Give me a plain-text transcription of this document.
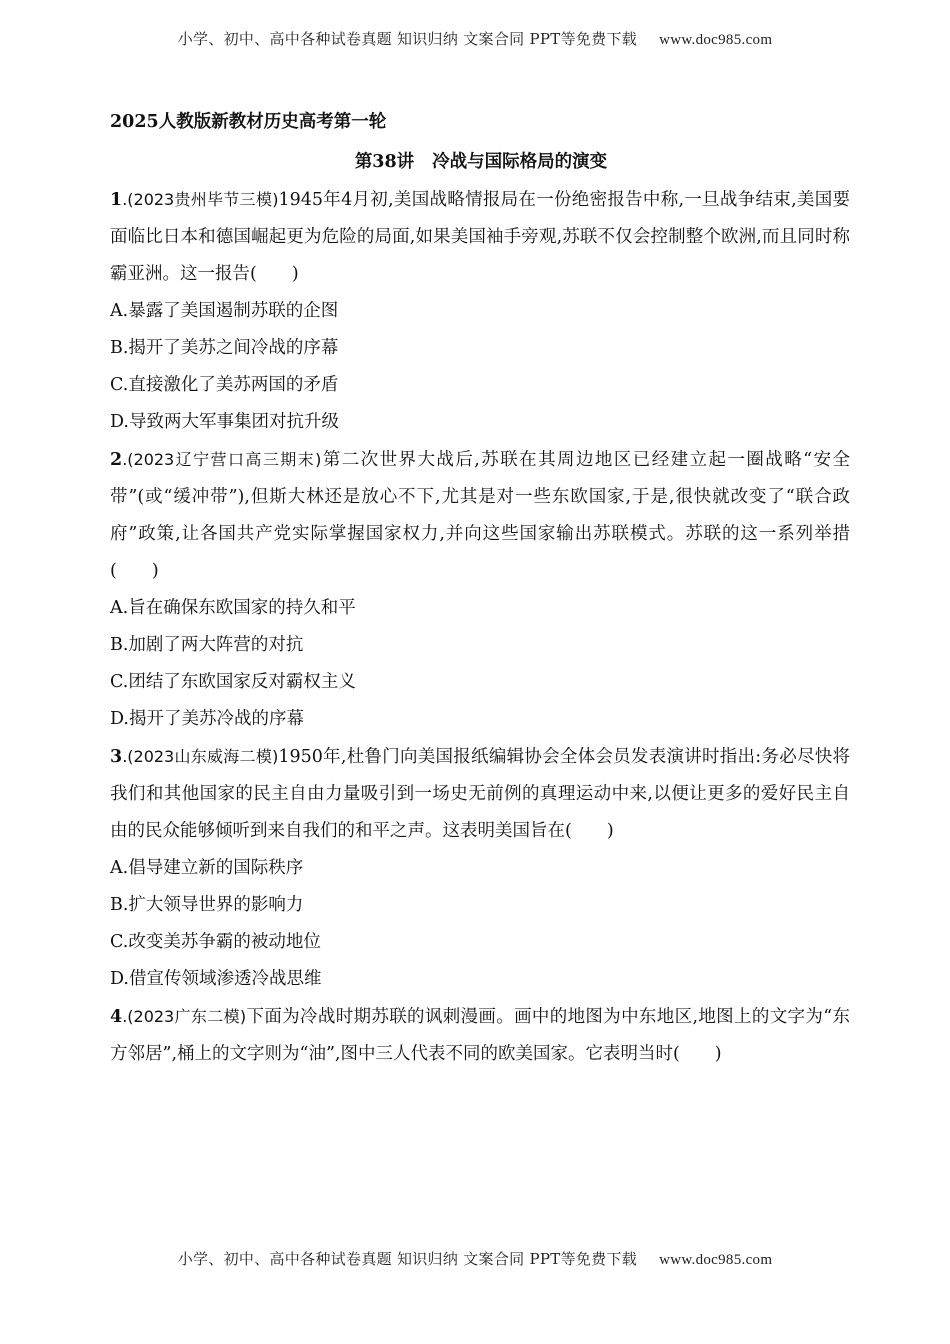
小学、初中、高中各种试卷真题 知识归纳 文案合同 PPT等免费下载 www.doc985.com
2025人教版新教材历史高考第一轮
第38讲 冷战与国际格局的演变

1.(2023贵州毕节三模)1945年4月初,美国战略情报局在一份绝密报告中称,一旦战争结束,美国要面临比日本和德国崛起更为危险的局面,如果美国袖手旁观,苏联不仅会控制整个欧洲,而且同时称霸亚洲。这一报告(　　)

A.暴露了美国遏制苏联的企图

B.揭开了美苏之间冷战的序幕

C.直接激化了美苏两国的矛盾

D.导致两大军事集团对抗升级

2.(2023辽宁营口高三期末)第二次世界大战后,苏联在其周边地区已经建立起一圈战略“安全带”(或“缓冲带”),但斯大林还是放心不下,尤其是对一些东欧国家,于是,很快就改变了“联合政府”政策,让各国共产党实际掌握国家权力,并向这些国家输出苏联模式。苏联的这一系列举措(　　)

A.旨在确保东欧国家的持久和平

B.加剧了两大阵营的对抗

C.团结了东欧国家反对霸权主义

D.揭开了美苏冷战的序幕

3.(2023山东威海二模)1950年,杜鲁门向美国报纸编辑协会全体会员发表演讲时指出:务必尽快将我们和其他国家的民主自由力量吸引到一场史无前例的真理运动中来,以便让更多的爱好民主自由的民众能够倾听到来自我们的和平之声。这表明美国旨在(　　)

A.倡导建立新的国际秩序

B.扩大领导世界的影响力

C.改变美苏争霸的被动地位

D.借宣传领域渗透冷战思维

4.(2023广东二模)下面为冷战时期苏联的讽刺漫画。画中的地图为中东地区,地图上的文字为“东方邻居”,桶上的文字则为“油”,图中三人代表不同的欧美国家。它表明当时(　　)

小学、初中、高中各种试卷真题 知识归纳 文案合同 PPT等免费下载 www.doc985.com
